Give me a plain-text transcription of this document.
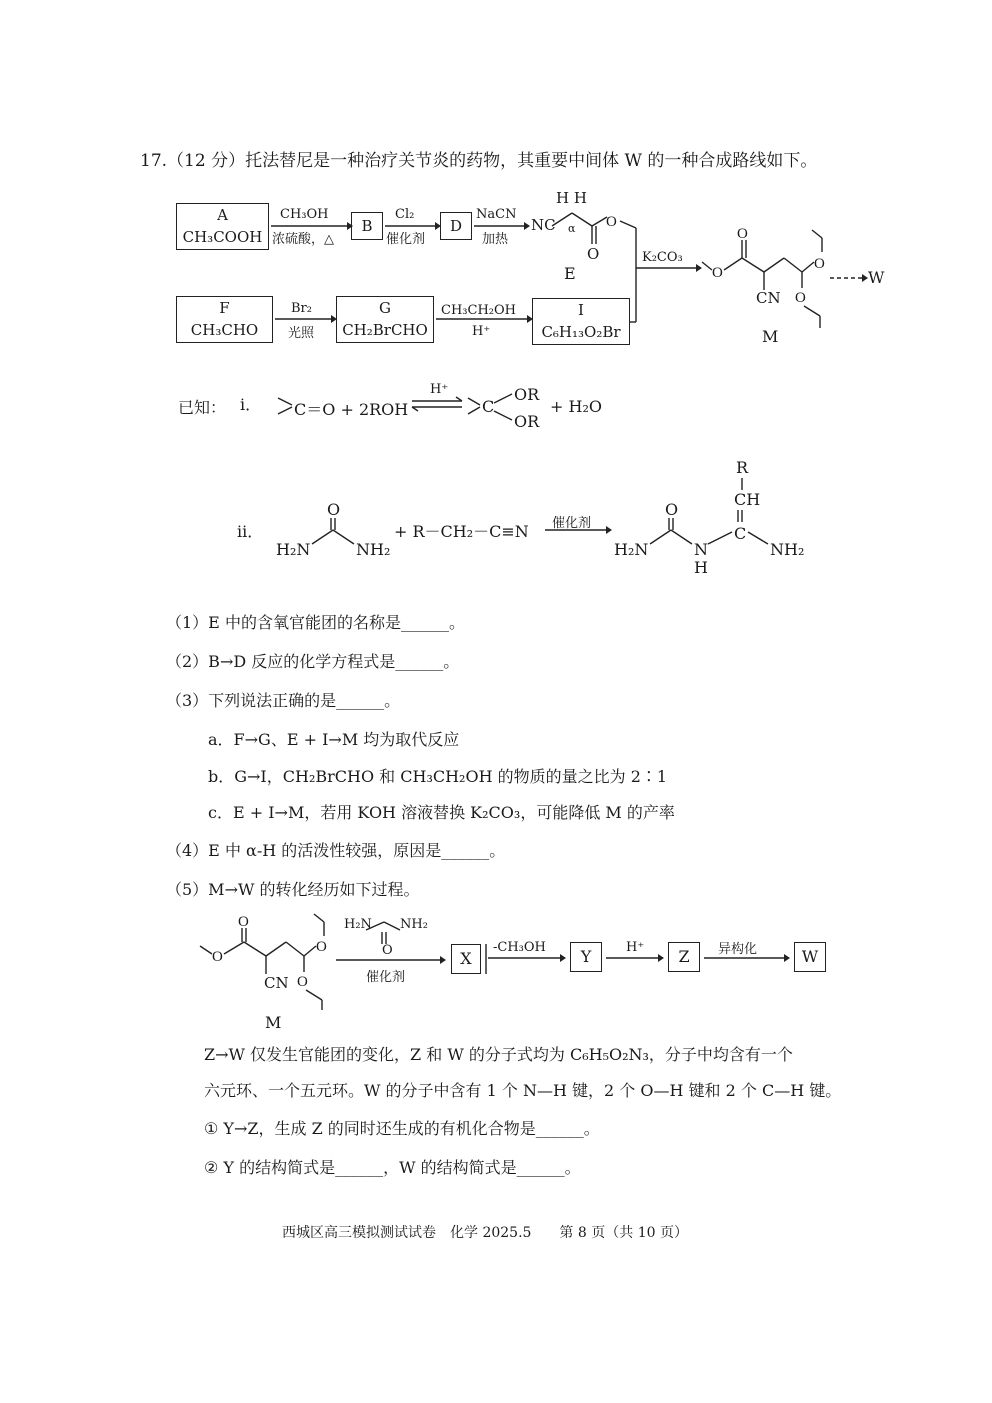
17.（12 分）托法替尼是一种治疗关节炎的药物，其重要中间体 W 的一种合成路线如下。
A
CH₃COOH
B	D
F
CH₃CHO
G
CH₂BrCHO
I
C₆H₁₃O₂Br
CH₃OH
浓硫酸，△
Cl₂
催化剂
NaCN
加热
Br₂
光照
CH₃CH₂OH
H⁺
K₂CO₃
H H
NC α
O
E
CN
M
W
O
O
O
O
O
已知： i． C＝O + 2ROH
H⁺
C
OR
OR
+ H₂O
ii．
H₂N	NH₂
O
+ R－CH₂－C≡N 催化剂
H₂N
O
N
H
C
CH
R
NH₂
（1）E 中的含氧官能团的名称是______。
（2）B→D 反应的化学方程式是______。
（3）下列说法正确的是______。
a．F→G、E + I→M 均为取代反应
b．G→I，CH₂BrCHO 和 CH₃CH₂OH 的物质的量之比为 2∶1
c．E + I→M，若用 KOH 溶液替换 K₂CO₃，可能降低 M 的产率
（4）E 中 α-H 的活泼性较强，原因是______。
（5）M→W 的转化经历如下过程。
CN
M
H₂N NH₂
O
催化剂
X
-CH₃OH	Y	H⁺	Z	异构化	W
O
O
O
O
Z→W 仅发生官能团的变化，Z 和 W 的分子式均为 C₆H₅O₂N₃，分子中均含有一个
六元环、一个五元环。W 的分子中含有 1 个 N—H 键，2 个 O—H 键和 2 个 C—H 键。
① Y→Z，生成 Z 的同时还生成的有机化合物是______。
② Y 的结构简式是______，W 的结构简式是______。
西城区高三模拟测试试卷　化学 2025.5　　第 8 页（共 10 页）
